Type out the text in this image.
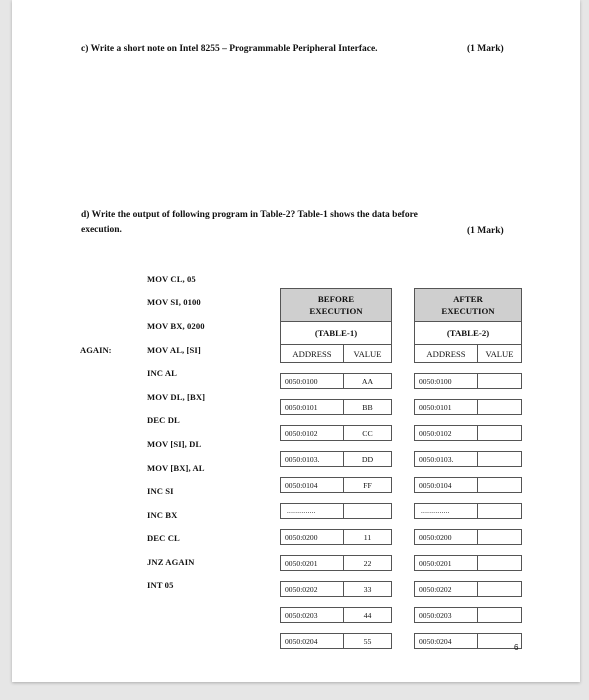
c) Write a short note on Intel 8255 – Programmable Peripheral Interface.	(1 Mark)
d) Write the output of following program in Table-2? Table-1 shows the data before
execution.	(1 Mark)
AGAIN:
MOV CL, 05
MOV SI, 0100
MOV BX, 0200
MOV AL, [SI]
INC AL
MOV DL, [BX]
DEC DL
MOV [SI], DL
MOV [BX], AL
INC SI
INC BX
DEC CL
JNZ AGAIN
INT 05
BEFORE
EXECUTION	
(TABLE-1)	
ADDRESS	VALUE

0050:0100	AA

0050:0101	BB

0050:0102	CC

0050:0103.	DD

0050:0104	FF

..............	

0050:0200	11

0050:0201	22

0050:0202	33

0050:0203	44

0050:0204	55
AFTER
EXECUTION	
(TABLE-2)	
ADDRESS	VALUE

0050:0100	

0050:0101	

0050:0102	

0050:0103.	

0050:0104	

..............	

0050:0200	

0050:0201	

0050:0202	

0050:0203	

0050:0204	
6
